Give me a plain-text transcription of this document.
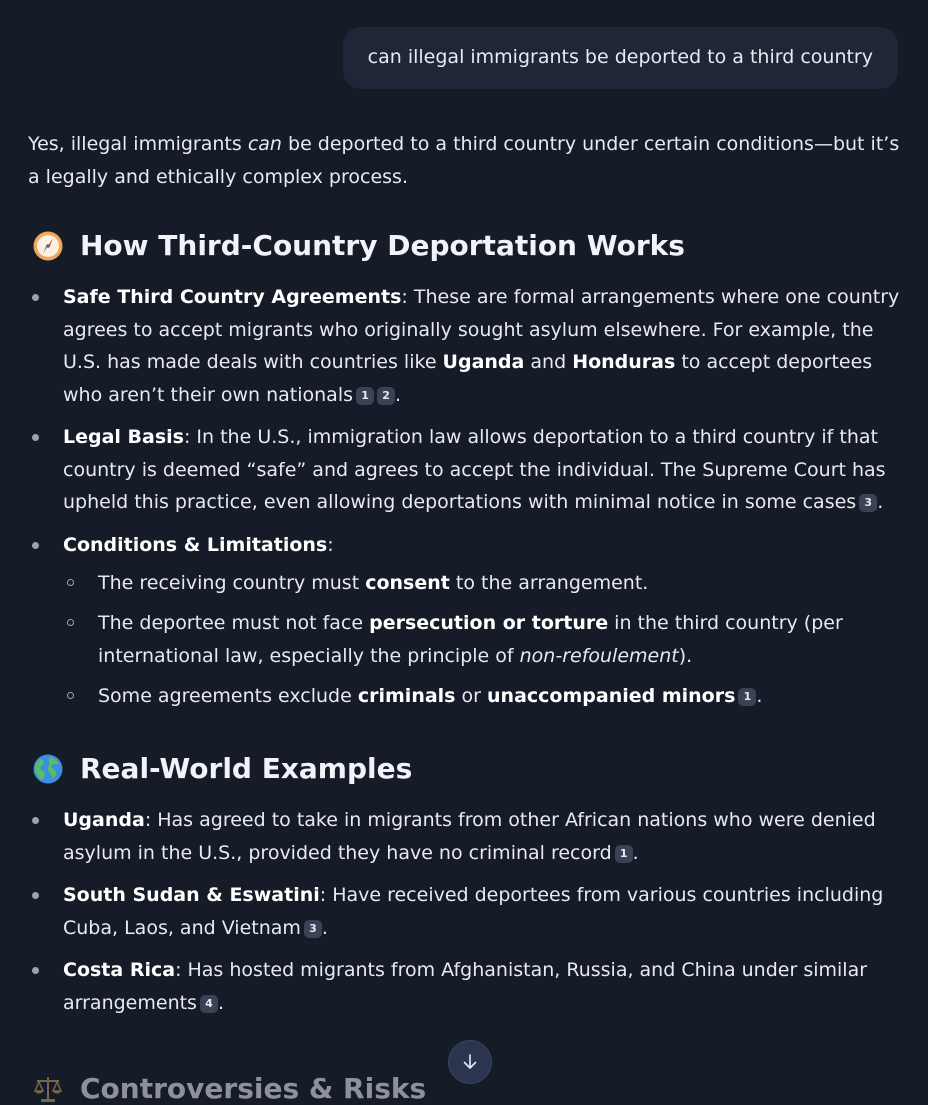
can illegal immigrants be deported to a third country

Yes, illegal immigrants can be deported to a third country under certain conditions—but it’s a legally and ethically complex process.

How Third-Country Deportation Works
Safe Third Country Agreements: These are formal arrangements where one country agrees to accept migrants who originally sought asylum elsewhere. For example, the U.S. has made deals with countries like Uganda and Honduras to accept deportees who aren’t their own nationals 1 2 .
Legal Basis: In the U.S., immigration law allows deportation to a third country if that country is deemed “safe” and agrees to accept the individual. The Supreme Court has upheld this practice, even allowing deportations with minimal notice in some cases 3 .
Conditions & Limitations:
The receiving country must consent to the arrangement.
The deportee must not face persecution or torture in the third country (per international law, especially the principle of non-refoulement).
Some agreements exclude criminals or unaccompanied minors 1 .
Real-World Examples
Uganda: Has agreed to take in migrants from other African nations who were denied asylum in the U.S., provided they have no criminal record 1 .
South Sudan & Eswatini: Have received deportees from various countries including Cuba, Laos, and Vietnam 3 .
Costa Rica: Has hosted migrants from Afghanistan, Russia, and China under similar arrangements 4 .
Controversies & Risks
